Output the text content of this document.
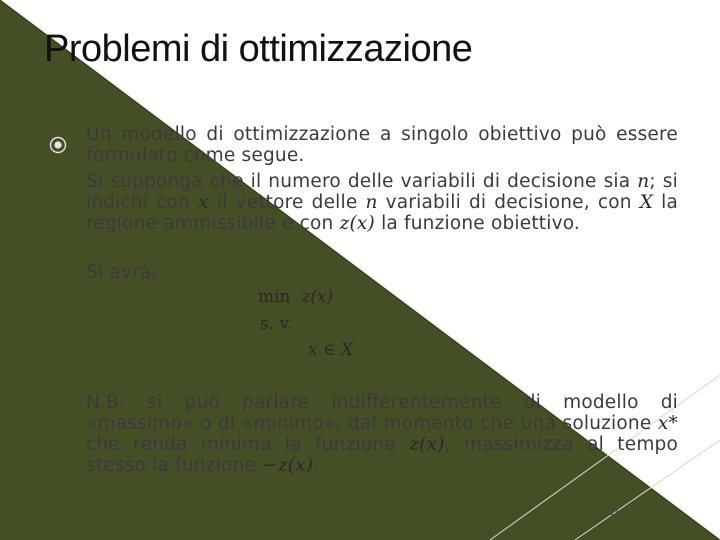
Problemi di ottimizzazione
Un modello di ottimizzazione a singolo obiettivo può essere formulato come segue.
Si supponga che il numero delle variabili di decisione sia n; si indichi con x il vettore delle n variabili di decisione, con X la regione ammissibile e con z(x) la funzione obiettivo.
Si avrà,
min z(x)
s. v.
x ∈ X
N.B. si può parlare indifferentemente di modello di «massimo» o di «minimo», dal momento che una soluzione x* che renda minima la funzione z(x), massimizza al tempo stesso la funzione −z(x).
11
